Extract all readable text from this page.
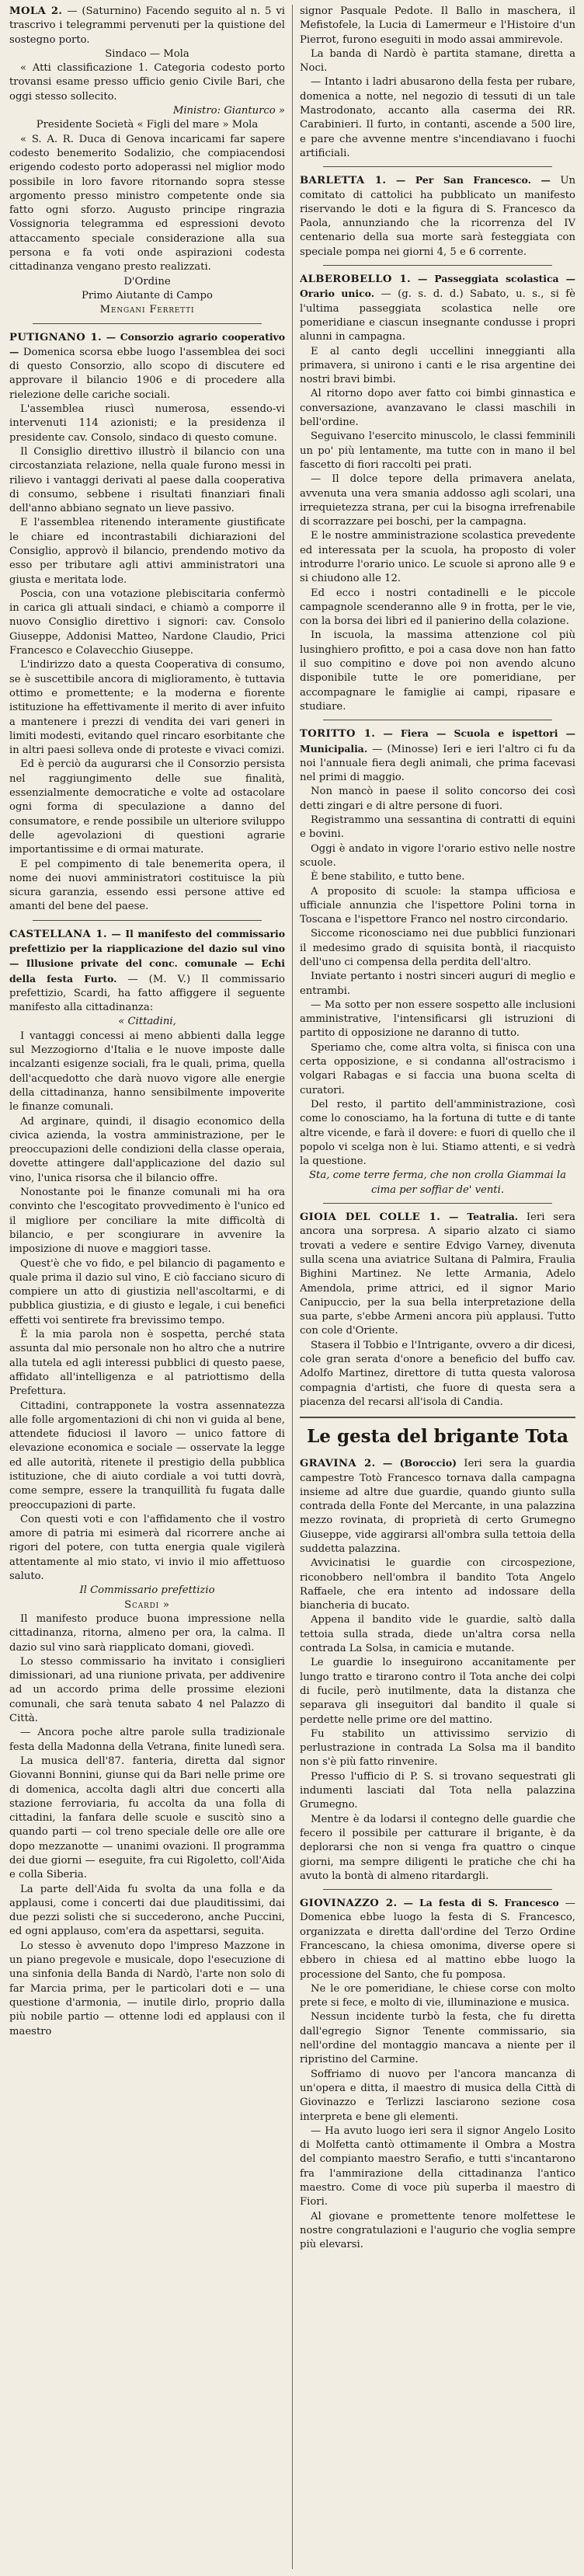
MOLA 2. — (Saturnino) Facendo seguito al n. 5 vi trascrivo i telegrammi pervenuti per la quistione del sostegno porto.

Sindaco — Mola

« Atti classificazione 1. Categoria codesto porto trovansi esame presso ufficio genio Civile Bari, che oggi stesso sollecito.

Ministro: Gianturco »

Presidente Società « Figli del mare » Mola

« S. A. R. Duca di Genova incaricami far sapere codesto benemerito Sodalizio, che compiacendosi erigendo codesto porto adoperassi nel miglior modo possibile in loro favore ritornando sopra stesse argomento presso ministro competente onde sia fatto ogni sforzo. Augusto principe ringrazia Vossignoria telegramma ed espressioni devoto attaccamento speciale considerazione alla sua persona e fa voti onde aspirazioni codesta cittadinanza vengano presto realizzati.

D'Ordine

Primo Aiutante di Campo

Mengani Ferretti

PUTIGNANO 1. — Consorzio agrario cooperativo — Domenica scorsa ebbe luogo l'assemblea dei soci di questo Consorzio, allo scopo di discutere ed approvare il bilancio 1906 e di procedere alla rielezione delle cariche sociali.

L'assemblea riuscì numerosa, essendo-vi intervenuti 114 azionisti; e la presidenza il presidente cav. Consolo, sindaco di questo comune.

Il Consiglio direttivo illustrò il bilancio con una circostanziata relazione, nella quale furono messi in rilievo i vantaggi derivati al paese dalla cooperativa di consumo, sebbene i risultati finanziari finali dell'anno abbiano segnato un lieve passivo.

E l'assemblea ritenendo interamente giustificate le chiare ed incontrastabili dichiarazioni del Consiglio, approvò il bilancio, prendendo motivo da esso per tributare agli attivi amministratori una giusta e meritata lode.

Poscia, con una votazione plebiscitaria confermò in carica gli attuali sindaci, e chiamò a comporre il nuovo Consiglio direttivo i signori: cav. Consolo Giuseppe, Addonisi Matteo, Nardone Claudio, Prici Francesco e Colavecchio Giuseppe.

L'indirizzo dato a questa Cooperativa di consumo, se è suscettibile ancora di miglioramento, è tuttavia ottimo e promettente; e la moderna e fiorente istituzione ha effettivamente il merito di aver infuito a mantenere i prezzi di vendita dei vari generi in limiti modesti, evitando quel rincaro esorbitante che in altri paesi solleva onde di proteste e vivaci comizi.

Ed è perciò da augurarsi che il Consorzio persista nel raggiungimento delle sue finalità, essenzialmente democratiche e volte ad ostacolare ogni forma di speculazione a danno del consumatore, e rende possibile un ulteriore sviluppo delle agevolazioni di questioni agrarie importantissime e di ormai maturate.

E pel compimento di tale benemerita opera, il nome dei nuovi amministratori costituisce la più sicura garanzia, essendo essi persone attive ed amanti del bene del paese.

CASTELLANA 1. — Il manifesto del commissario prefettizio per la riapplicazione del dazio sul vino — Illusione private del conc. comunale — Echi della festa Furto. — (M. V.) Il commissario prefettizio, Scardi, ha fatto affiggere il seguente manifesto alla cittadinanza:

« Cittadini,

I vantaggi concessi ai meno abbienti dalla legge sul Mezzogiorno d'Italia e le nuove imposte dalle incalzanti esigenze sociali, fra le quali, prima, quella dell'acquedotto che darà nuovo vigore alle energie della cittadinanza, hanno sensibilmente impoverite le finanze comunali.

Ad arginare, quindi, il disagio economico della civica azienda, la vostra amministrazione, per le preoccupazioni delle condizioni della classe operaia, dovette attingere dall'applicazione del dazio sul vino, l'unica risorsa che il bilancio offre.

Nonostante poi le finanze comunali mi ha ora convinto che l'escogitato provvedimento è l'unico ed il migliore per conciliare la mite difficoltà di bilancio, e per scongiurare in avvenire la imposizione di nuove e maggiori tasse.

Quest'è che vo fido, e pel bilancio di pagamento e quale prima il dazio sul vino, E ciò facciano sicuro di compiere un atto di giustizia nell'ascoltarmi, e di pubblica giustizia, e di giusto e legale, i cui benefici effetti voi sentirete fra brevissimo tempo.

È la mia parola non è sospetta, perché stata assunta dal mio personale non ho altro che a nutrire alla tutela ed agli interessi pubblici di questo paese, affidato all'intelligenza e al patriottismo della Prefettura.

Cittadini, contrapponete la vostra assennatezza alle folle argomentazioni di chi non vi guida al bene, attendete fiduciosi il lavoro — unico fattore di elevazione economica e sociale — osservate la legge ed alle autorità, ritenete il prestigio della pubblica istituzione, che di aiuto cordiale a voi tutti dovrà, come sempre, essere la tranquillità fu fugata dalle preoccupazioni di parte.

Con questi voti e con l'affidamento che il vostro amore di patria mi esimerà dal ricorrere anche ai rigori del potere, con tutta energia quale vigilerà attentamente al mio stato, vi invio il mio affettuoso saluto.

Il Commissario prefettizio

Scardi »

Il manifesto produce buona impressione nella cittadinanza, ritorna, almeno per ora, la calma. Il dazio sul vino sarà riapplicato domani, giovedì.

Lo stesso commissario ha invitato i consiglieri dimissionari, ad una riunione privata, per addivenire ad un accordo prima delle prossime elezioni comunali, che sarà tenuta sabato 4 nel Palazzo di Città.

— Ancora poche altre parole sulla tradizionale festa della Madonna della Vetrana, finite lunedì sera.

La musica dell'87. fanteria, diretta dal signor Giovanni Bonnini, giunse qui da Bari nelle prime ore di domenica, accolta dagli altri due concerti alla stazione ferroviaria, fu accolta da una folla di cittadini, la fanfara delle scuole e suscitò sino a quando parti — col treno speciale delle ore alle ore dopo mezzanotte — unanimi ovazioni. Il programma dei due giorni — eseguite, fra cui Rigoletto, coll'Aida e colla Siberia.

La parte dell'Aida fu svolta da una folla e da applausi, come i concerti dai due plauditissimi, dai due pezzi solisti che si succederono, anche Puccini, ed ogni applauso, com'era da aspettarsi, seguita.

Lo stesso è avvenuto dopo l'impreso Mazzone in un piano pregevole e musicale, dopo l'esecuzione di una sinfonia della Banda di Nardò, l'arte non solo di far Marcia prima, per le particolari doti e — una questione d'armonia, — inutile dirlo, proprio dalla più nobile partio — ottenne lodi ed applausi con il maestro

signor Pasquale Pedote. Il Ballo in maschera, il Mefistofele, la Lucia di Lamermeur e l'Histoire d'un Pierrot, furono eseguiti in modo assai ammirevole.

La banda di Nardò è partita stamane, diretta a Noci.

— Intanto i ladri abusarono della festa per rubare, domenica a notte, nel negozio di tessuti di un tale Mastrodonato, accanto alla caserma dei RR. Carabinieri. Il furto, in contanti, ascende a 500 lire, e pare che avvenne mentre s'incendiavano i fuochi artificiali.

BARLETTA 1. — Per San Francesco. — Un comitato di cattolici ha pubblicato un manifesto riservando le doti e la figura di S. Francesco da Paola, annunziando che la ricorrenza del IV centenario della sua morte sarà festeggiata con speciale pompa nei giorni 4, 5 e 6 corrente.

ALBEROBELLO 1. — Passeggiata scolastica — Orario unico. — (g. s. d. d.) Sabato, u. s., si fè l'ultima passeggiata scolastica nelle ore pomeridiane e ciascun insegnante condusse i propri alunni in campagna.

E al canto degli uccellini inneggianti alla primavera, si unirono i canti e le risa argentine dei nostri bravi bimbi.

Al ritorno dopo aver fatto coi bimbi ginnastica e conversazione, avanzavano le classi maschili in bell'ordine.

Seguivano l'esercito minuscolo, le classi femminili un po' più lentamente, ma tutte con in mano il bel fascetto di fiori raccolti pei prati.

— Il dolce tepore della primavera anelata, avvenuta una vera smania addosso agli scolari, una irrequietezza strana, per cui la bisogna irrefrenabile di scorrazzare pei boschi, per la campagna.

E le nostre amministrazione scolastica prevedente ed interessata per la scuola, ha proposto di voler introdurre l'orario unico. Le scuole si aprono alle 9 e si chiudono alle 12.

Ed ecco i nostri contadinelli e le piccole campagnole scenderanno alle 9 in frotta, per le vie, con la borsa dei libri ed il panierino della colazione.

In iscuola, la massima attenzione col più lusinghiero profitto, e poi a casa dove non han fatto il suo compitino e dove poi non avendo alcuno disponibile tutte le ore pomeridiane, per accompagnare le famiglie ai campi, ripasare e studiare.

TORITTO 1. — Fiera — Scuola e ispettori — Municipalia. — (Minosse) Ieri e ieri l'altro ci fu da noi l'annuale fiera degli animali, che prima facevasi nel primi di maggio.

Non mancò in paese il solito concorso dei così detti zingari e di altre persone di fuori.

Registrammo una sessantina di contratti di equini e bovini.

Oggi è andato in vigore l'orario estivo nelle nostre scuole.

È bene stabilito, e tutto bene.

A proposito di scuole: la stampa ufficiosa e ufficiale annunzia che l'ispettore Polini torna in Toscana e l'ispettore Franco nel nostro circondario.

Siccome riconosciamo nei due pubblici funzionari il medesimo grado di squisita bontà, il riacquisto dell'uno ci compensa della perdita dell'altro.

Inviate pertanto i nostri sinceri auguri di meglio e entrambi.

— Ma sotto per non essere sospetto alle inclusioni amministrative, l'intensificarsi gli istruzioni di partito di opposizione ne daranno di tutto.

Speriamo che, come altra volta, si finisca con una certa opposizione, e si condanna all'ostracismo i volgari Rabagas e si faccia una buona scelta di curatori.

Del resto, il partito dell'amministrazione, così come lo conosciamo, ha la fortuna di tutte e di tante altre vicende, e farà il dovere: e fuori di quello che il popolo vi scelga non è lui. Stiamo attenti, e si vedrà la questione.

Sta, come terre ferma, che non crolla Giammai la cima per soffiar de' venti.

GIOIA DEL COLLE 1. — Teatralia. Ieri sera ancora una sorpresa. A sipario alzato ci siamo trovati a vedere e sentire Edvigo Varney, divenuta sulla scena una aviatrice Sultana di Palmira, Fraulia Bighini Martinez. Ne lette Armania, Adelo Amendola, prime attrici, ed il signor Mario Canipuccio, per la sua bella interpretazione della sua parte, s'ebbe Armeni ancora più applausi. Tutto con cole d'Oriente.

Stasera il Tobbio e l'Intrigante, ovvero a dir dicesi, cole gran serata d'onore a beneficio del buffo cav. Adolfo Martinez, direttore di tutta questa valorosa compagnia d'artisti, che fuore di questa sera a piacenza del recarsi all'isola di Candia.

Le gesta del brigante Tota

GRAVINA 2. — (Boroccio) Ieri sera la guardia campestre Totò Francesco tornava dalla campagna insieme ad altre due guardie, quando giunto sulla contrada della Fonte del Mercante, in una palazzina mezzo rovinata, di proprietà di certo Grumegno Giuseppe, vide aggirarsi all'ombra sulla tettoia della suddetta palazzina.

Avvicinatisi le guardie con circospezione, riconobbero nell'ombra il bandito Tota Angelo Raffaele, che era intento ad indossare della biancheria di bucato.

Appena il bandito vide le guardie, saltò dalla tettoia sulla strada, diede un'altra corsa nella contrada La Solsa, in camicia e mutande.

Le guardie lo inseguirono accanitamente per lungo tratto e tirarono contro il Tota anche dei colpi di fucile, però inutilmente, data la distanza che separava gli inseguitori dal bandito il quale si perdette nelle prime ore del mattino.

Fu stabilito un attivissimo servizio di perlustrazione in contrada La Solsa ma il bandito non s'è più fatto rinvenire.

Presso l'ufficio di P. S. si trovano sequestrati gli indumenti lasciati dal Tota nella palazzina Grumegno.

Mentre è da lodarsi il contegno delle guardie che fecero il possibile per catturare il brigante, è da deplorarsi che non si venga fra quattro o cinque giorni, ma sempre diligenti le pratiche che chi ha avuto la bontà di almeno ritardargli.

GIOVINAZZO 2. — La festa di S. Francesco — Domenica ebbe luogo la festa di S. Francesco, organizzata e diretta dall'ordine del Terzo Ordine Francescano, la chiesa omonima, diverse opere si ebbero in chiesa ed al mattino ebbe luogo la processione del Santo, che fu pomposa.

Ne le ore pomeridiane, le chiese corse con molto prete si fece, e molto di vie, illuminazione e musica.

Nessun incidente turbò la festa, che fu diretta dall'egregio Signor Tenente commissario, sia nell'ordine del montaggio mancava a niente per il ripristino del Carmine.

Soffriamo di nuovo per l'ancora mancanza di un'opera e ditta, il maestro di musica della Città di Giovinazzo e Terlizzi lasciarono sezione cosa interpreta e bene gli elementi.

— Ha avuto luogo ieri sera il signor Angelo Losito di Molfetta cantò ottimamente il Ombra a Mostra del compianto maestro Serafio, e tutti s'incantarono fra l'ammirazione della cittadinanza l'antico maestro. Come di voce più superba il maestro di Fiori.

Al giovane e promettente tenore molfettese le nostre congratulazioni e l'augurio che voglia sempre più elevarsi.
